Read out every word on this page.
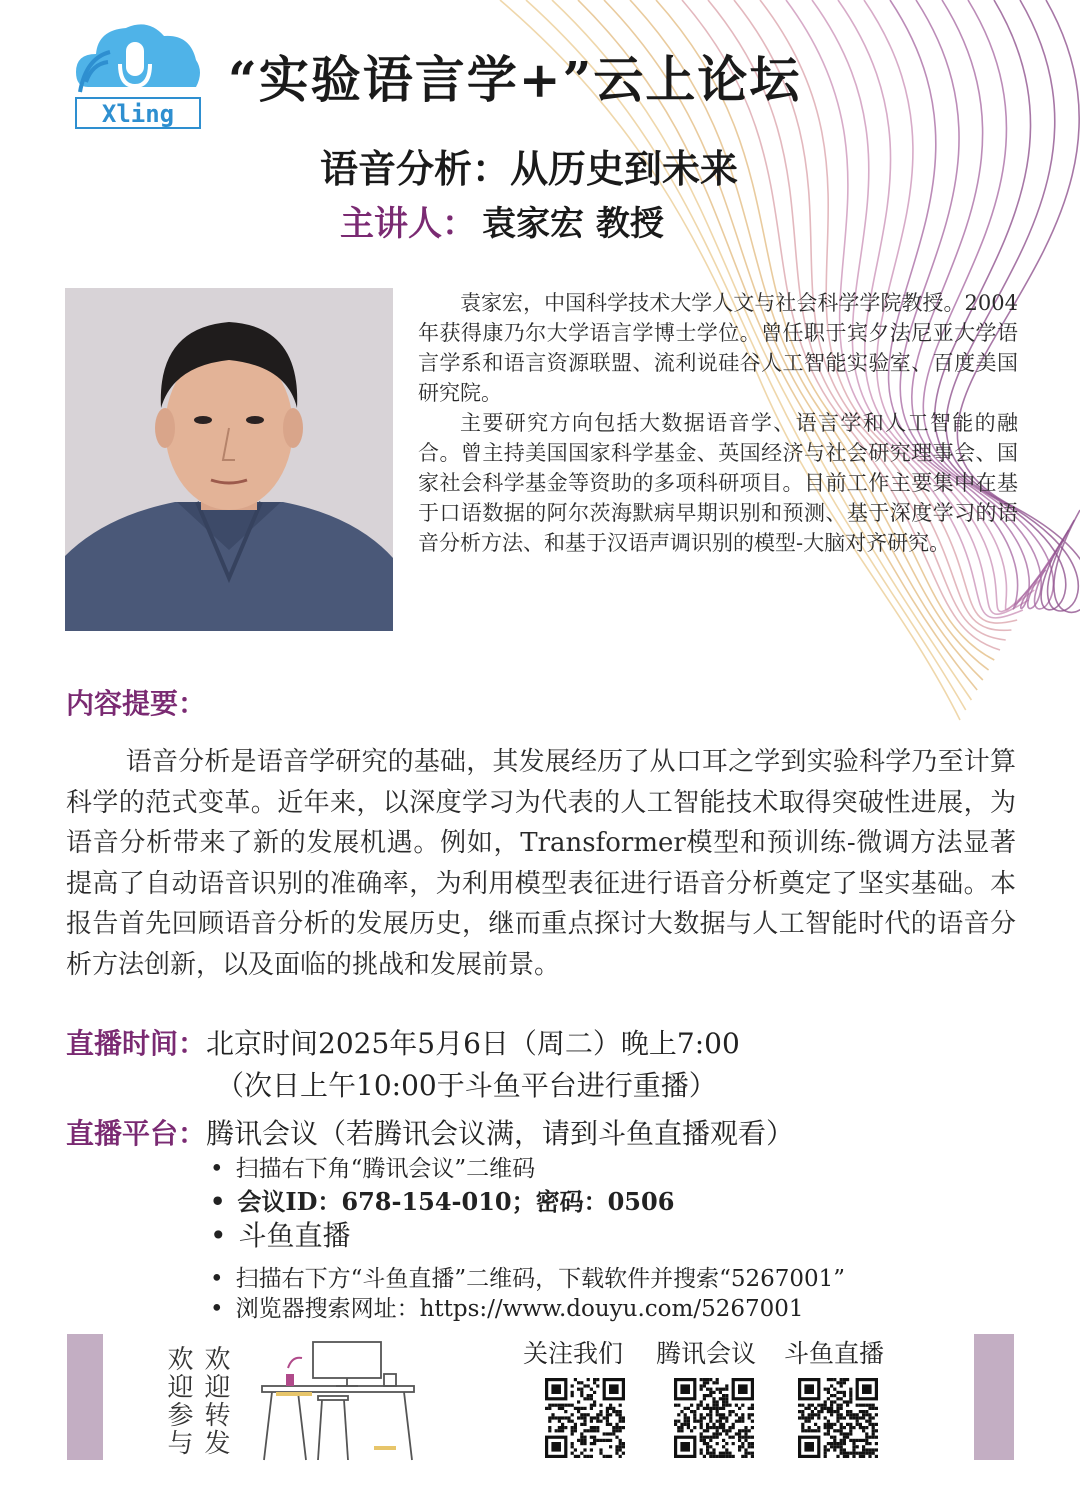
Xling
“实验语言学+”云上论坛
语音分析：从历史到未来
主讲人： 袁家宏 教授

袁家宏，中国科学技术大学人文与社会科学学院教授。2004年获得康乃尔大学语言学博士学位。曾任职于宾夕法尼亚大学语言学系和语言资源联盟、流利说硅谷人工智能实验室、百度美国研究院。

主要研究方向包括大数据语音学、语言学和人工智能的融合。曾主持美国国家科学基金、英国经济与社会研究理事会、国家社会科学基金等资助的多项科研项目。目前工作主要集中在基于口语数据的阿尔茨海默病早期识别和预测、基于深度学习的语音分析方法、和基于汉语声调识别的模型-大脑对齐研究。

内容提要：
语音分析是语音学研究的基础，其发展经历了从口耳之学到实验科学乃至计算科学的范式变革。近年来，以深度学习为代表的人工智能技术取得突破性进展，为语音分析带来了新的发展机遇。例如，Transformer模型和预训练-微调方法显著提高了自动语音识别的准确率，为利用模型表征进行语音分析奠定了坚实基础。本报告首先回顾语音分析的发展历史，继而重点探讨大数据与人工智能时代的语音分析方法创新，以及面临的挑战和发展前景。
直播时间：北京时间2025年5月6日（周二）晚上7:00
（次日上午10:00于斗鱼平台进行重播）
直播平台：腾讯会议（若腾讯会议满，请到斗鱼直播观看）
• 扫描右下角“腾讯会议”二维码
• 会议ID：678-154-010；密码：0506
• 斗鱼直播
• 扫描右下方“斗鱼直播”二维码，下载软件并搜索“5267001”
• 浏览器搜索网址：https://www.douyu.com/5267001
欢迎转发
欢迎参与	关注我们 腾讯会议 斗鱼直播
